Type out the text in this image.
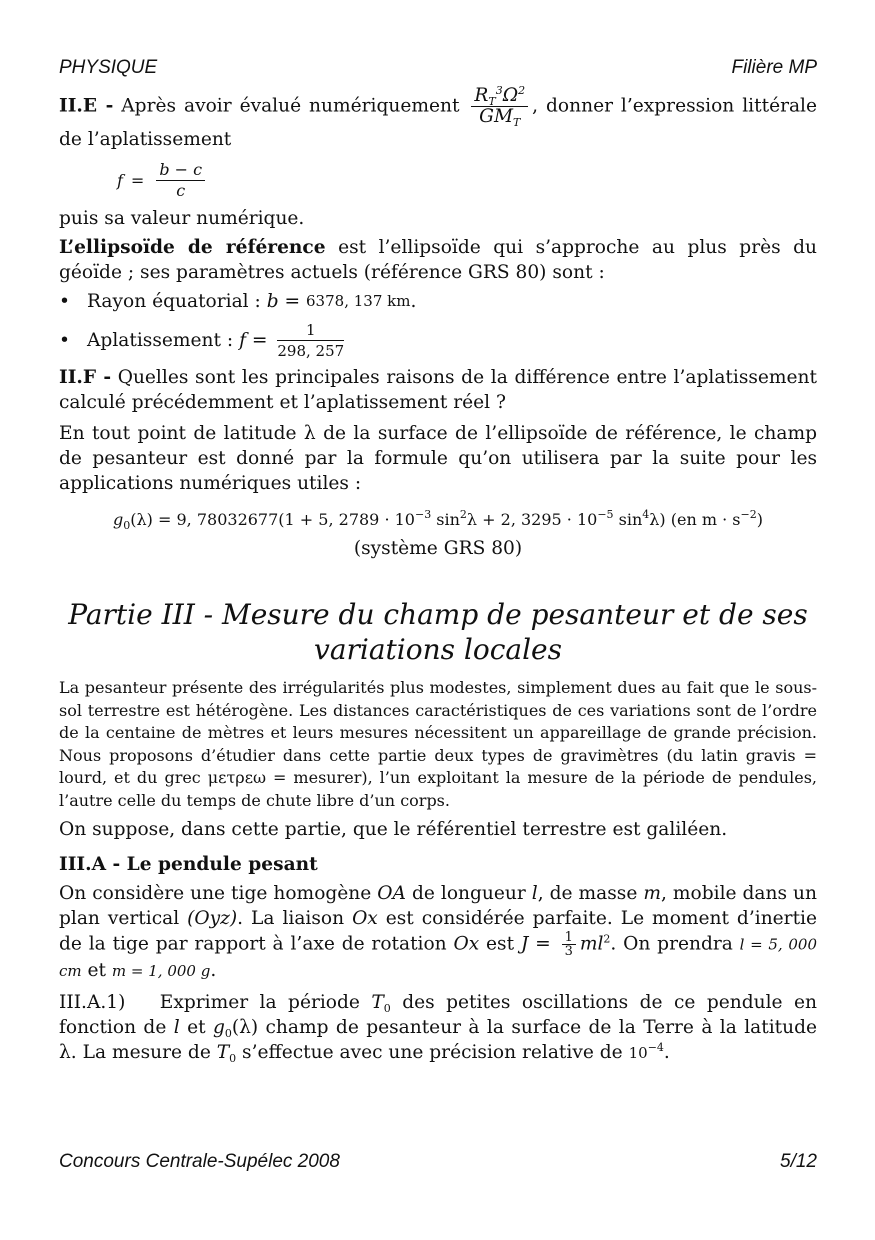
PHYSIQUE	Filière MP

II.E - Après avoir évalué numériquement $\frac{R_T^3\Omega^2}{GM_T}$ , donner l’expression littérale de l’aplatissement

$f = \frac{b - c}{c}$

puis sa valeur numérique.

L’ellipsoïde de référence est l’ellipsoïde qui s’approche au plus près du géoïde ; ses paramètres actuels (référence GRS 80) sont :

• Rayon équatorial :
b = 6378, 137 km .
• Aplatissement :
$f = \frac{1}{298, 257}$

II.F - Quelles sont les principales raisons de la différence entre l’aplatissement calculé précédemment et l’aplatissement réel ?

En tout point de latitude λ de la surface de l’ellipsoïde de référence, le champ de pesanteur est donné par la formule qu’on utilisera par la suite pour les applications numériques utiles :

$g_0(\lambda) = 9$, 78032677(1 + 5, $2789 \cdot 10^{-3}$ $\sin^2\lambda + 2$, $3295 \cdot 10^{-5}$ $\sin^4\lambda$) (en $m \cdot s^{-2}$)
(système GRS 80)
Partie III - Mesure du champ de pesanteur et de ses
variations locales

La pesanteur présente des irrégularités plus modestes, simplement dues au fait que le sous-sol terrestre est hétérogène. Les distances caractéristiques de ces variations sont de l’ordre de la centaine de mètres et leurs mesures nécessitent un appareillage de grande précision. Nous proposons d’étudier dans cette partie deux types de gravimètres (du latin gravis = lourd, et du grec μετρεω = mesurer), l’un exploitant la mesure de la période de pendules, l’autre celle du temps de chute libre d’un corps.

On suppose, dans cette partie, que le référentiel terrestre est galiléen.

III.A - Le pendule pesant

On considère une tige homogène OA de longueur l, de masse m, mobile dans un plan vertical (Oyz). La liaison Ox est considérée parfaite. Le moment d’inertie de la tige par rapport à l’axe de rotation Ox est $J = \frac{1}{3} ml^2$. On prendra l = 5, 000 cm et m = 1, 000 g.

III.A.1) Exprimer la période $T_0$ des petites oscillations de ce pendule en fonction de l et $g_0(\lambda)$ champ de pesanteur à la surface de la Terre à la latitude λ. La mesure de $T_0$ s’effectue avec une précision relative de $10^{-4}$.

Concours Centrale-Supélec 2008	5/12
